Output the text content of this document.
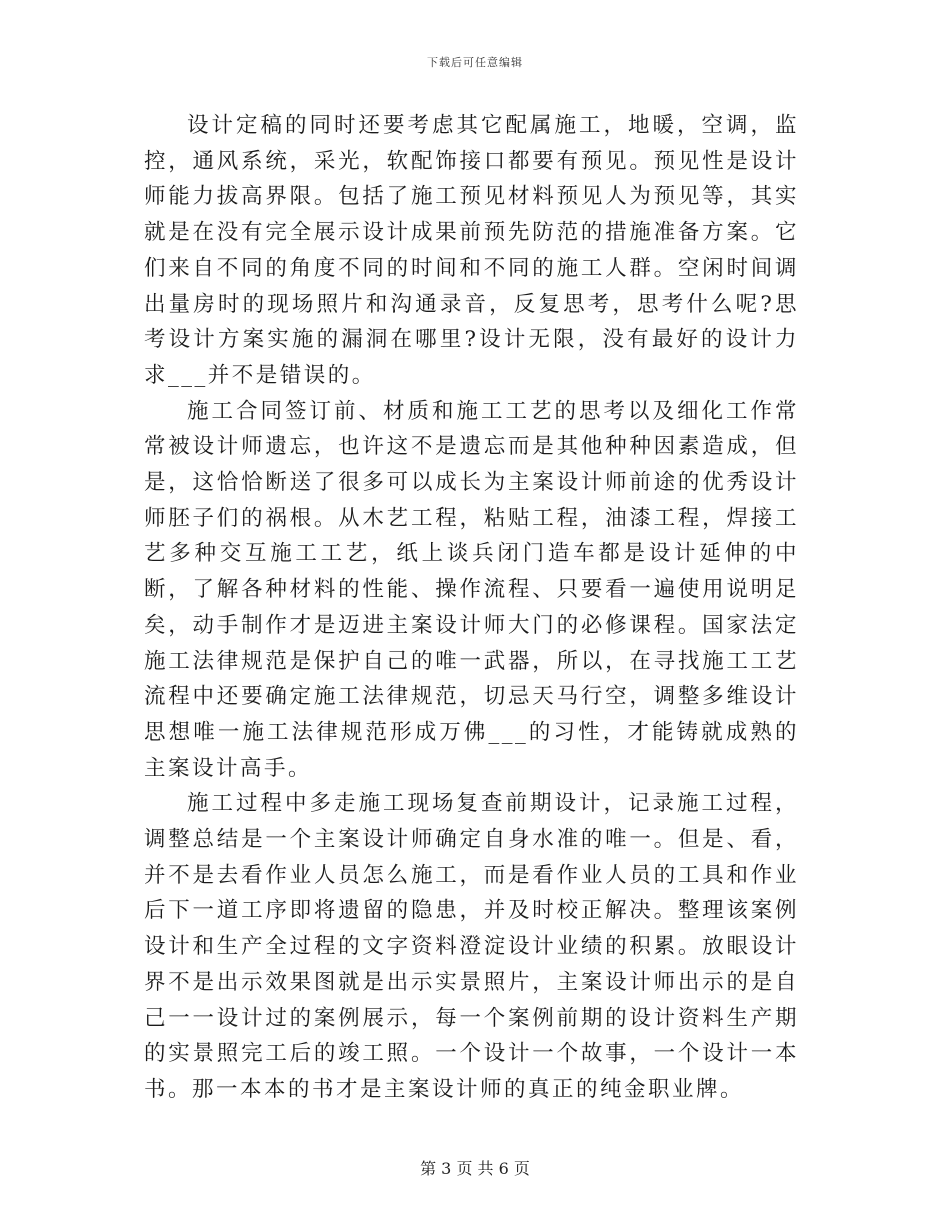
下载后可任意编辑

设计定稿的同时还要考虑其它配属施工，地暖，空调，监控，通风系统，采光，软配饰接口都要有预见。预见性是设计师能力拔高界限。包括了施工预见材料预见人为预见等，其实就是在没有完全展示设计成果前预先防范的措施准备方案。它们来自不同的角度不同的时间和不同的施工人群。空闲时间调出量房时的现场照片和沟通录音，反复思考，思考什么呢?思考设计方案实施的漏洞在哪里?设计无限，没有最好的设计力求___并不是错误的。

施工合同签订前、材质和施工工艺的思考以及细化工作常常被设计师遗忘，也许这不是遗忘而是其他种种因素造成，但是，这恰恰断送了很多可以成长为主案设计师前途的优秀设计师胚子们的祸根。从木艺工程，粘贴工程，油漆工程，焊接工艺多种交互施工工艺，纸上谈兵闭门造车都是设计延伸的中断，了解各种材料的性能、操作流程、只要看一遍使用说明足矣，动手制作才是迈进主案设计师大门的必修课程。国家法定施工法律规范是保护自己的唯一武器，所以，在寻找施工工艺流程中还要确定施工法律规范，切忌天马行空，调整多维设计思想唯一施工法律规范形成万佛___的习性，才能铸就成熟的主案设计高手。

施工过程中多走施工现场复查前期设计，记录施工过程，调整总结是一个主案设计师确定自身水准的唯一。但是、看，并不是去看作业人员怎么施工，而是看作业人员的工具和作业后下一道工序即将遗留的隐患，并及时校正解决。整理该案例设计和生产全过程的文字资料澄淀设计业绩的积累。放眼设计界不是出示效果图就是出示实景照片，主案设计师出示的是自己一一设计过的案例展示，每一个案例前期的设计资料生产期的实景照完工后的竣工照。一个设计一个故事，一个设计一本书。那一本本的书才是主案设计师的真正的纯金职业牌。

第 3 页 共 6 页
